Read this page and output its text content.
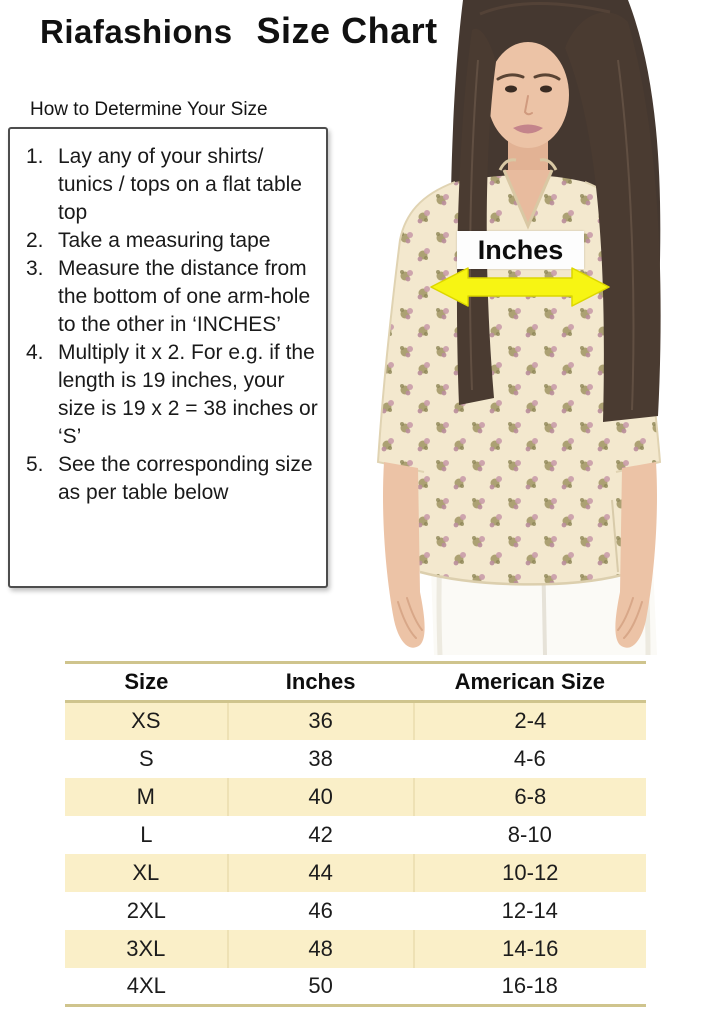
Riafashions Size Chart
How to Determine Your Size
1. Lay any of your shirts/ tunics / tops on a flat table top
2. Take a measuring tape
3. Measure the distance from the bottom of one arm-hole to the other in ‘INCHES’
4. Multiply it x 2. For e.g. if the length is 19 inches, your size is 19 x 2 = 38 inches or ‘S’
5. See the corresponding size as per table below
Inches
Size	Inches	American Size
XS	36	2-4
S	38	4-6
M	40	6-8
L	42	8-10
XL	44	10-12
2XL	46	12-14
3XL	48	14-16
4XL	50	16-18
